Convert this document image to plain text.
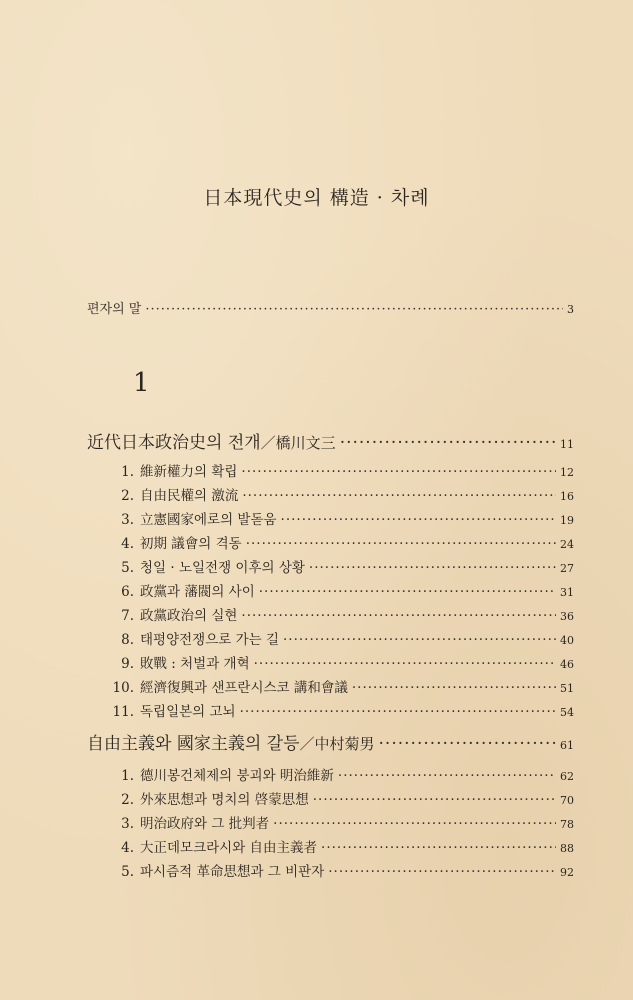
日本現代史의 構造 · 차례
편자의 말 ·····	3
1
近代日本政治史의 전개 ／橋川文三 ·····	11
1. 維新權力의 확립 ·····	12
2. 自由民權의 激流 ·····	16
3. 立憲國家에로의 발돋움 ·····	19
4. 初期 議會의 격동 ·····	24
5. 청일 · 노일전쟁 이후의 상황 ·····	27
6. 政黨과 藩閥의 사이 ·····	31
7. 政黨政治의 실현 ·····	36
8. 태평양전쟁으로 가는 길 ·····	40
9. 敗戰 : 처벌과 개혁 ·····	46
10. 經濟復興과 샌프란시스코 講和會議 ·····	51
11. 독립일본의 고뇌 ·····	54
自由主義와 國家主義의 갈등 ／中村菊男 ·····	61
1. 德川봉건체제의 붕괴와 明治維新 ·····	62
2. 外來思想과 명치의 啓蒙思想 ·····	70
3. 明治政府와 그 批判者 ·····	78
4. 大正데모크라시와 自由主義者 ·····	88
5. 파시즘적 革命思想과 그 비판자 ·····	92
